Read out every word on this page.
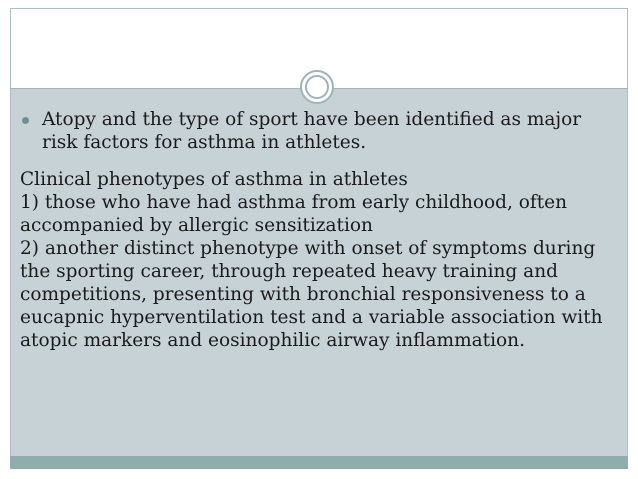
Atopy and the type of sport have been identified as major risk factors for asthma in athletes.

Clinical phenotypes of asthma in athletes

1) those who have had asthma from early childhood, often accompanied by allergic sensitization

2) another distinct phenotype with onset of symptoms during the sporting career, through repeated heavy training and competitions, presenting with bronchial responsiveness to a eucapnic hyperventilation test and a variable association with atopic markers and eosinophilic airway inflammation.
